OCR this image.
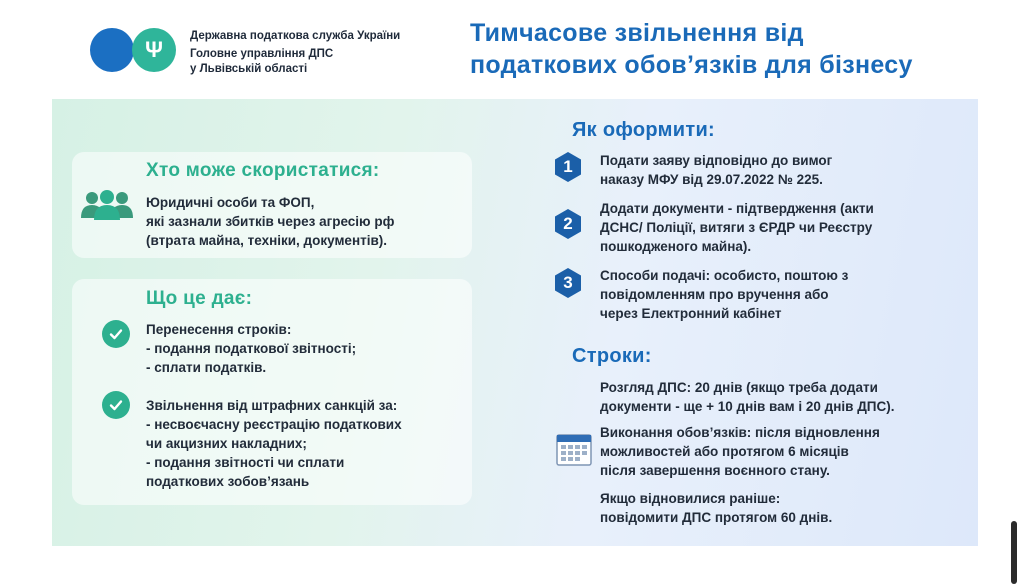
Ψ
Державна податкова служба України
Головне управління ДПС
у Львівській області
Тимчасове звільнення від
податкових обов’язків для бізнесу
Хто може скористатися:
Юридичні особи та ФОП,
які зазнали збитків через агресію рф
(втрата майна, техніки, документів).
Що це дає:
Перенесення строків:
- подання податкової звітності;
- сплати податків.
Звільнення від штрафних санкцій за:
- несвоєчасну реєстрацію податкових
чи акцизних накладних;
- подання звітності чи сплати
податкових зобов’язань
Як оформити:
1 Подати заяву відповідно до вимог
наказу МФУ від 29.07.2022 № 225.
2
Додати документи - підтвердження (акти
ДСНС/ Поліції, витяги з ЄРДР чи Реєстру
пошкодженого майна).
3 Способи подачі: особисто, поштою з
повідомленням про вручення або
через Електронний кабінет
Строки:
Розгляд ДПС: 20 днів (якщо треба додати
документи - ще + 10 днів вам і 20 днів ДПС).
Виконання обов’язків: після відновлення
можливостей або протягом 6 місяців
після завершення воєнного стану.
Якщо відновилися раніше:
повідомити ДПС протягом 60 днів.
